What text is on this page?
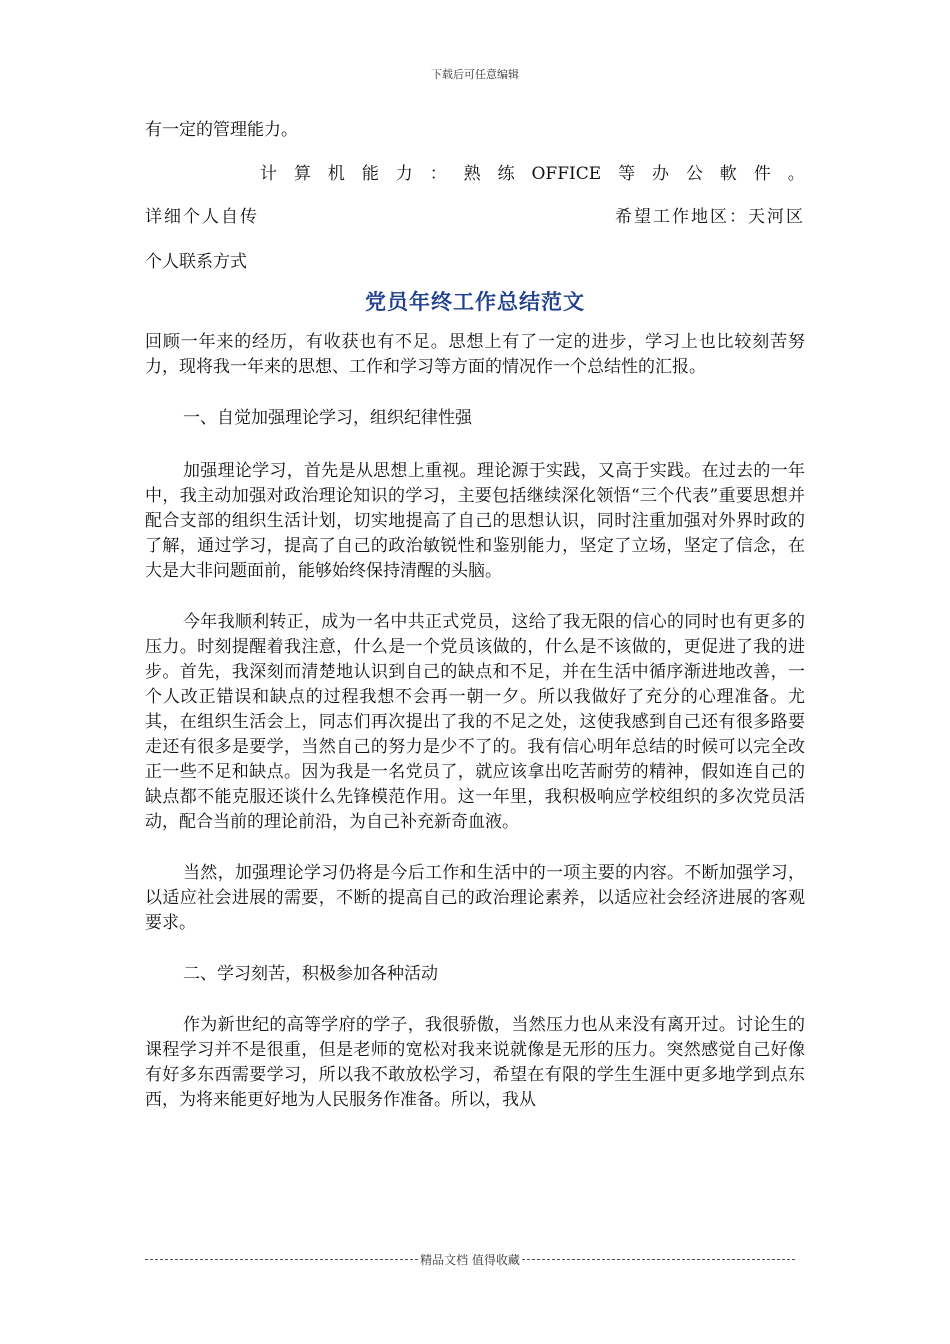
下载后可任意编辑

有一定的管理能力。

计 算 机 能 力 ： 熟 练 OFFICE 等 办 公 軟 件 。
详细个人自传	希望工作地区：天河区

个人联系方式

党员年终工作总结范文

回顾一年来的经历，有收获也有不足。思想上有了一定的进步，学习上也比较刻苦努力，现将我一年来的思想、工作和学习等方面的情况作一个总结性的汇报。

一、自觉加强理论学习，组织纪律性强

加强理论学习，首先是从思想上重视。理论源于实践，又高于实践。在过去的一年中，我主动加强对政治理论知识的学习，主要包括继续深化领悟“三个代表”重要思想并配合支部的组织生活计划，切实地提高了自己的思想认识，同时注重加强对外界时政的了解，通过学习，提高了自己的政治敏锐性和鉴别能力，坚定了立场，坚定了信念，在大是大非问题面前，能够始终保持清醒的头脑。

今年我顺利转正，成为一名中共正式党员，这给了我无限的信心的同时也有更多的压力。时刻提醒着我注意，什么是一个党员该做的，什么是不该做的，更促进了我的进步。首先，我深刻而清楚地认识到自己的缺点和不足，并在生活中循序渐进地改善，一个人改正错误和缺点的过程我想不会再一朝一夕。所以我做好了充分的心理准备。尤其，在组织生活会上，同志们再次提出了我的不足之处，这使我感到自己还有很多路要走还有很多是要学，当然自己的努力是少不了的。我有信心明年总结的时候可以完全改正一些不足和缺点。因为我是一名党员了，就应该拿出吃苦耐劳的精神，假如连自己的缺点都不能克服还谈什么先锋模范作用。这一年里，我积极响应学校组织的多次党员活动，配合当前的理论前沿，为自己补充新奇血液。

当然，加强理论学习仍将是今后工作和生活中的一项主要的内容。不断加强学习，以适应社会进展的需要，不断的提高自己的政治理论素养，以适应社会经济进展的客观要求。

二、学习刻苦，积极参加各种活动

作为新世纪的高等学府的学子，我很骄傲，当然压力也从来没有离开过。讨论生的课程学习并不是很重，但是老师的宽松对我来说就像是无形的压力。突然感觉自己好像有好多东西需要学习，所以我不敢放松学习，希望在有限的学生生涯中更多地学到点东西，为将来能更好地为人民服务作准备。所以，我从

精品文档 值得收藏
